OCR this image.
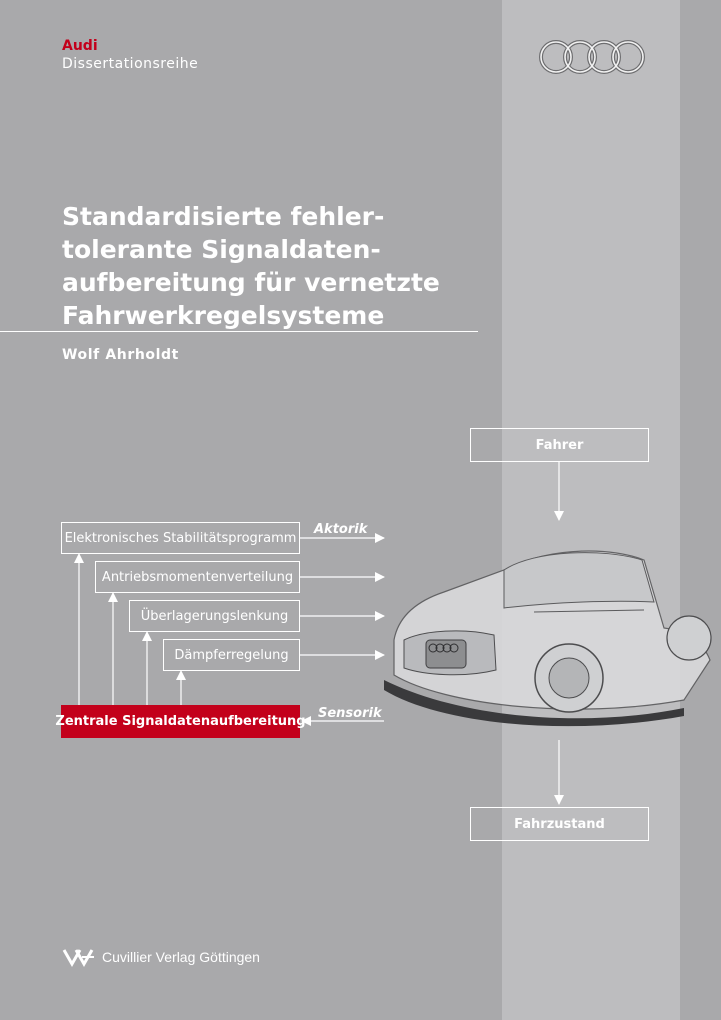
Audi
Dissertationsreihe
Standardisierte fehler-
tolerante Signaldaten-
aufbereitung für vernetzte
Fahrwerkregelsysteme
Wolf Ahrholdt
Elektronisches Stabilitätsprogramm
Antriebsmomentenverteilung
Überlagerungslenkung
Dämpferregelung
Zentrale Signaldatenaufbereitung
Aktorik
Sensorik
Fahrer
Fahrzustand
Cuvillier Verlag Göttingen
